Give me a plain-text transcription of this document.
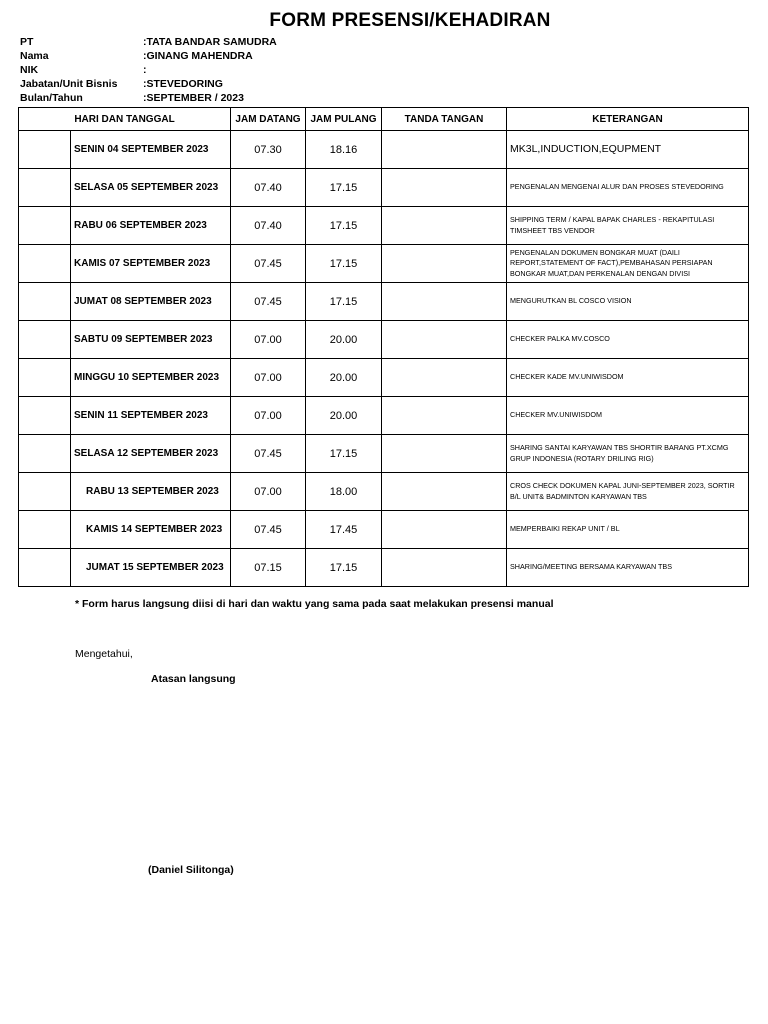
FORM PRESENSI/KEHADIRAN
PT	:TATA BANDAR SAMUDRA
Nama	:GINANG MAHENDRA
NIK	:
Jabatan/Unit Bisnis :STEVEDORING
Bulan/Tahun	:SEPTEMBER / 2023
HARI DAN TANGGAL		JAM DATANG	JAM PULANG	TANDA TANGAN	KETERANGAN
	SENIN 04 SEPTEMBER 2023	07.30	18.16		MK3L,INDUCTION,EQUPMENT
	SELASA 05 SEPTEMBER 2023	07.40	17.15		PENGENALAN MENGENAI ALUR DAN PROSES STEVEDORING
	RABU 06 SEPTEMBER 2023	07.40	17.15		SHIPPING TERM / KAPAL BAPAK CHARLES - REKAPITULASI TIMSHEET TBS VENDOR
	KAMIS 07 SEPTEMBER 2023	07.45	17.15		PENGENALAN DOKUMEN BONGKAR MUAT (DAILI REPORT,STATEMENT OF FACT),PEMBAHASAN PERSIAPAN BONGKAR MUAT,DAN PERKENALAN DENGAN DIVISI
	JUMAT 08 SEPTEMBER 2023	07.45	17.15		MENGURUTKAN BL COSCO VISION
	SABTU 09 SEPTEMBER 2023	07.00	20.00		CHECKER PALKA MV.COSCO
	MINGGU 10 SEPTEMBER 2023	07.00	20.00		CHECKER KADE MV.UNIWISDOM
	SENIN 11 SEPTEMBER 2023	07.00	20.00		CHECKER MV.UNIWISDOM
	SELASA 12 SEPTEMBER 2023	07.45	17.15		SHARING SANTAI KARYAWAN TBS SHORTIR BARANG PT.XCMG GRUP INDONESIA (ROTARY DRILING RIG)
	RABU 13 SEPTEMBER 2023	07.00	18.00		CROS CHECK DOKUMEN KAPAL JUNI-SEPTEMBER 2023, SORTIR B/L UNIT& BADMINTON KARYAWAN TBS
	KAMIS 14 SEPTEMBER 2023	07.45	17.45		MEMPERBAIKI REKAP UNIT / BL
	JUMAT 15 SEPTEMBER 2023	07.15	17.15		SHARING/MEETING BERSAMA KARYAWAN TBS
* Form harus langsung diisi di hari dan waktu yang sama pada saat melakukan presensi manual
Mengetahui,
Atasan langsung
(Daniel Silitonga)
